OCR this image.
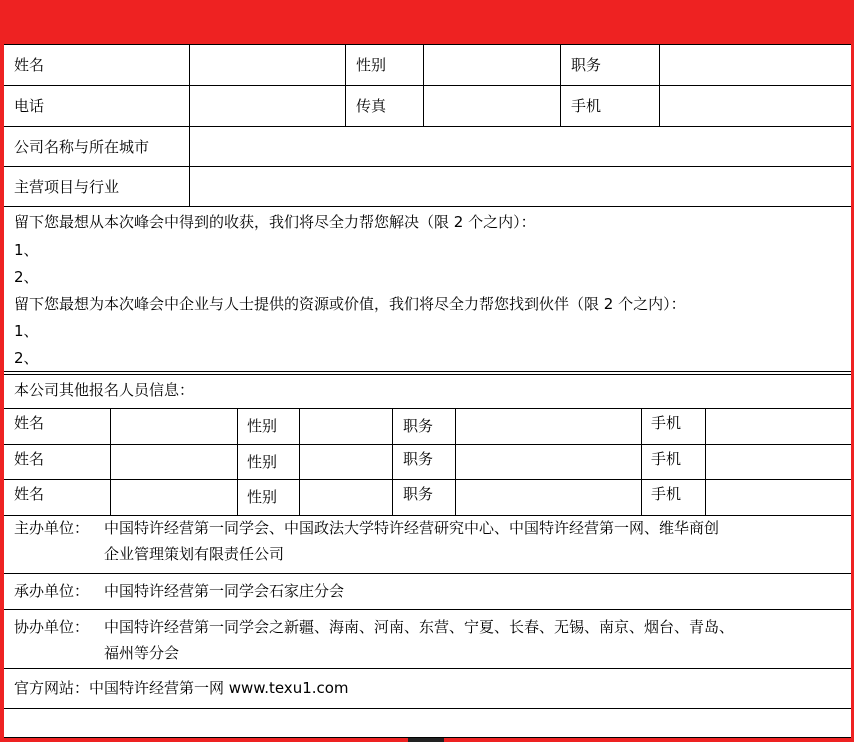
姓名	性别	职务
电话	传真	手机
公司名称与所在城市
主营项目与行业
留下您最想从本次峰会中得到的收获，我们将尽全力帮您解决（限 2 个之内）：
1、
2、
留下您最想为本次峰会中企业与人士提供的资源或价值，我们将尽全力帮您找到伙伴（限 2 个之内）：
1、
2、
本公司其他报名人员信息：
姓名	性别	职务	手机
姓名	性别	职务	手机
姓名	性别	职务	手机
主办单位： 中国特许经营第一同学会、中国政法大学特许经营研究中心、中国特许经营第一网、维华商创
企业管理策划有限责任公司
承办单位： 中国特许经营第一同学会石家庄分会
协办单位： 中国特许经营第一同学会之新疆、海南、河南、东营、宁夏、长春、无锡、南京、烟台、青岛、
福州等分会
官方网站：中国特许经营第一网 www.texu1.com
